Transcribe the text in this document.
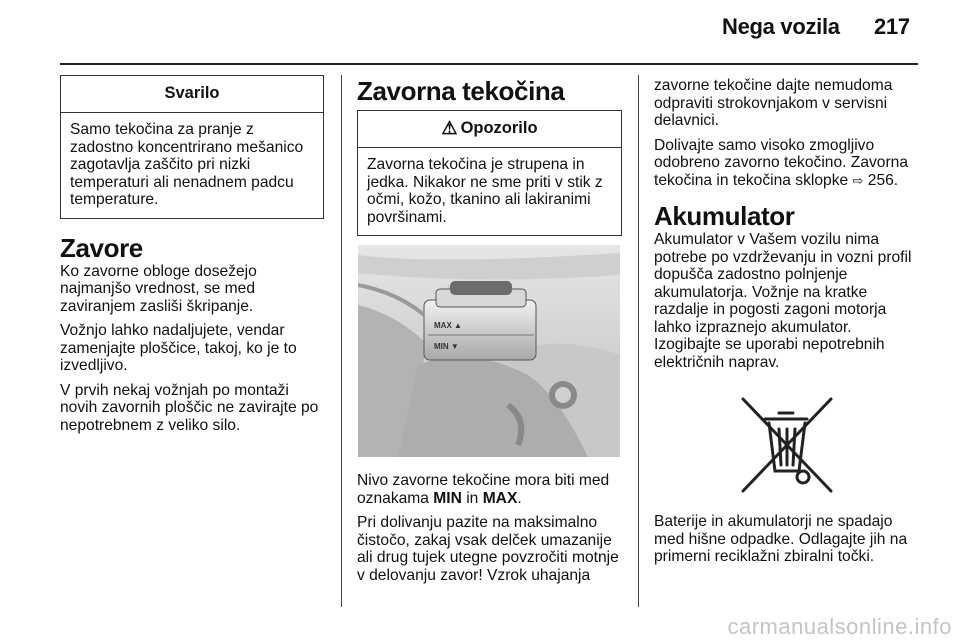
Nega vozila 217
Svarilo
Samo tekočina za pranje z zadostno koncentrirano mešanico zagotavlja zaščito pri nizki temperaturi ali nenadnem padcu temperature.
Zavore

Ko zavorne obloge dosežejo najmanjšo vrednost, se med zaviranjem zasliši škripanje.

Vožnjo lahko nadaljujete, vendar zamenjajte ploščice, takoj, ko je to izvedljivo.

V prvih nekaj vožnjah po montaži novih zavornih ploščic ne zavirajte po nepotrebnem z veliko silo.

Zavorna tekočina
⚠ Opozorilo
Zavorna tekočina je strupena in jedka. Nikakor ne sme priti v stik z očmi, kožo, tkanino ali lakiranimi površinami.
MAX ▲
MIN ▼

Nivo zavorne tekočine mora biti med oznakama MIN in MAX.

Pri dolivanju pazite na maksimalno čistočo, zakaj vsak delček umazanije ali drug tujek utegne povzročiti motnje v delovanju zavor! Vzrok uhajanja

zavorne tekočine dajte nemudoma odpraviti strokovnjakom v servisni delavnici.

Dolivajte samo visoko zmogljivo odobreno zavorno tekočino. Zavorna tekočina in tekočina sklopke ⇨ 256.

Akumulator

Akumulator v Vašem vozilu nima potrebe po vzdrževanju in vozni profil dopušča zadostno polnjenje akumulatorja. Vožnje na kratke razdalje in pogosti zagoni motorja lahko izpraznejo akumulator. Izogibajte se uporabi nepotrebnih električnih naprav.

Baterije in akumulatorji ne spadajo med hišne odpadke. Odlagajte jih na primerni reciklažni zbiralni točki.

carmanualsonline.info
